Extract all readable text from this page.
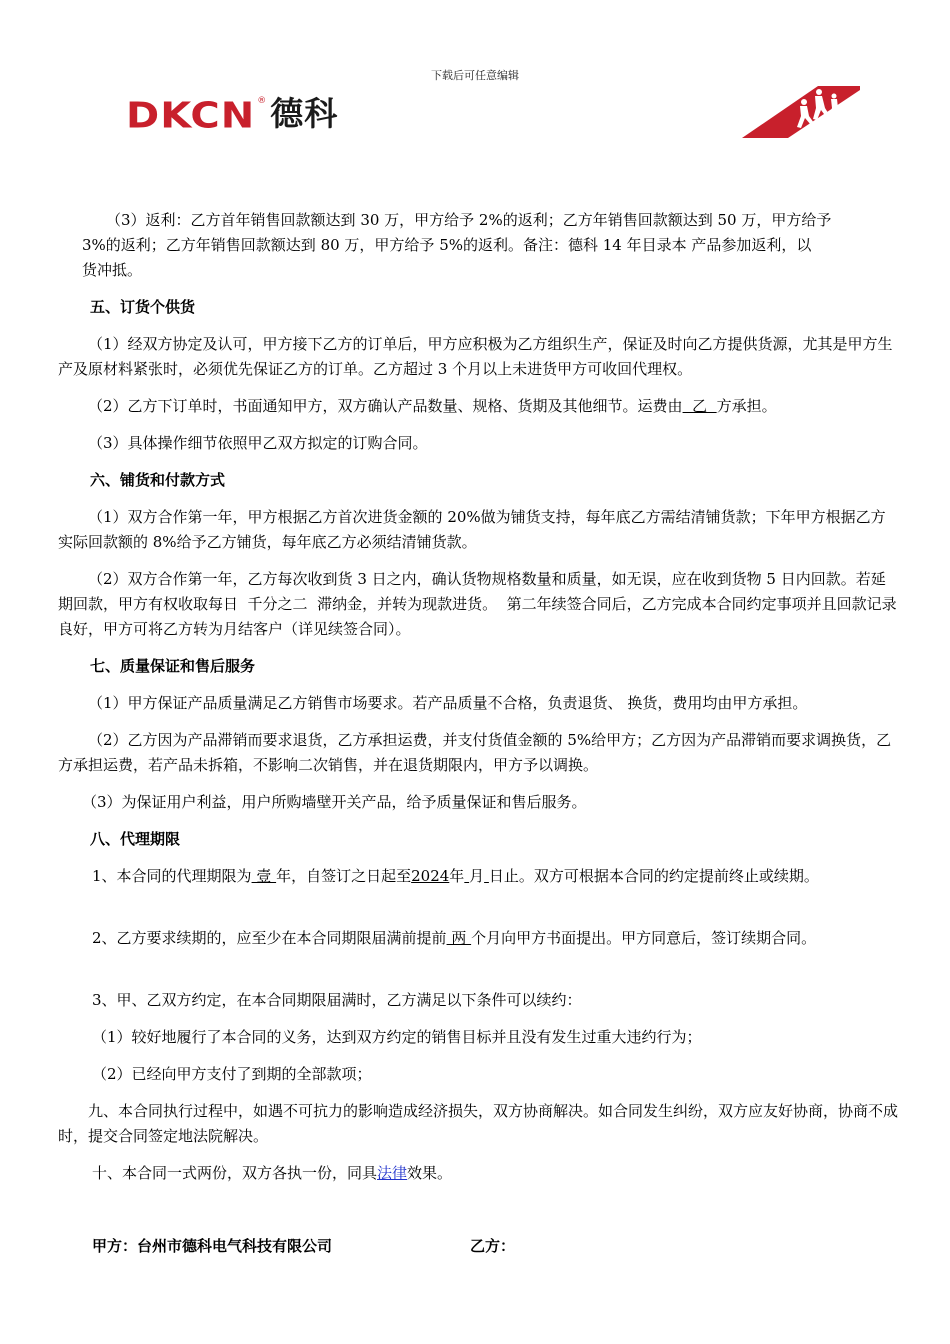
下载后可任意编辑
DKCN ® 德科

（3）返利：乙方首年销售回款额达到 30 万，甲方给予 2%的返利；乙方年销售回款额达到 50 万，甲方给予

3%的返利；乙方年销售回款额达到 80 万，甲方给予 5%的返利。备注：德科 14 年目录本 产品参加返利，以

货冲抵。

五、订货个供货

（1）经双方协定及认可，甲方接下乙方的订单后，甲方应积极为乙方组织生产，保证及时向乙方提供货源，尤其是甲方生产及原材料紧张时，必须优先保证乙方的订单。乙方超过 3 个月以上未进货甲方可收回代理权。

（2）乙方下订单时，书面通知甲方，双方确认产品数量、规格、货期及其他细节。运费由  乙  方承担。

（3）具体操作细节依照甲乙双方拟定的订购合同。

六、铺货和付款方式

（1）双方合作第一年，甲方根据乙方首次进货金额的 20%做为铺货支持，每年底乙方需结清铺货款；下年甲方根据乙方实际回款额的 8%给予乙方铺货，每年底乙方必须结清铺货款。

（2）双方合作第一年，乙方每次收到货 3 日之内，确认货物规格数量和质量，如无误，应在收到货物 5 日内回款。若延期回款，甲方有权收取每日  千分之二  滞纳金，并转为现款进货。  第二年续签合同后，乙方完成本合同约定事项并且回款记录良好，甲方可将乙方转为月结客户（详见续签合同）。

七、质量保证和售后服务

（1）甲方保证产品质量满足乙方销售市场要求。若产品质量不合格，负责退货、 换货，费用均由甲方承担。

（2）乙方因为产品滞销而要求退货，乙方承担运费，并支付货值金额的 5%给甲方；乙方因为产品滞销而要求调换货，乙方承担运费，若产品未拆箱，不影响二次销售，并在退货期限内，甲方予以调换。

（3）为保证用户利益，用户所购墙壁开关产品，给予质量保证和售后服务。

八、代理期限

1、本合同的代理期限为 壹 年，自签订之日起至2024年 月 日止。双方可根据本合同的约定提前终止或续期。

2、乙方要求续期的，应至少在本合同期限届满前提前 两 个月向甲方书面提出。甲方同意后，签订续期合同。

3、甲、乙双方约定，在本合同期限届满时，乙方满足以下条件可以续约：

（1）较好地履行了本合同的义务，达到双方约定的销售目标并且没有发生过重大违约行为；

（2）已经向甲方支付了到期的全部款项；

九、本合同执行过程中，如遇不可抗力的影响造成经济损失，双方协商解决。如合同发生纠纷，双方应友好协商，协商不成时，提交合同签定地法院解决。

十、本合同一式两份，双方各执一份，同具法律效果。

甲方：台州市德科电气科技有限公司	乙方：
